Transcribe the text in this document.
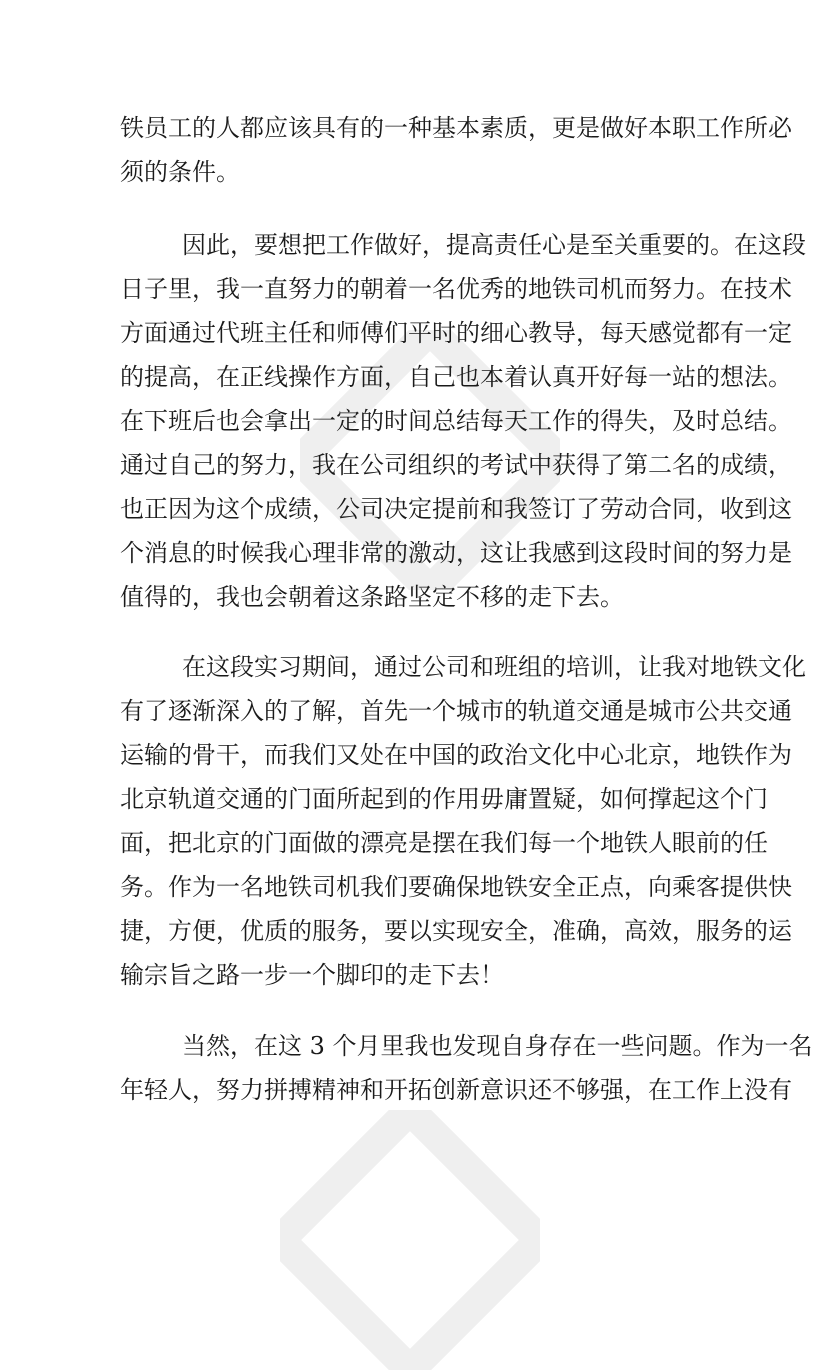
铁员工的人都应该具有的一种基本素质，更是做好本职工作所必
须的条件。
因此，要想把工作做好，提高责任心是至关重要的。在这段
日子里，我一直努力的朝着一名优秀的地铁司机而努力。在技术
方面通过代班主任和师傅们平时的细心教导，每天感觉都有一定
的提高，在正线操作方面，自己也本着认真开好每一站的想法。
在下班后也会拿出一定的时间总结每天工作的得失，及时总结。
通过自己的努力，我在公司组织的考试中获得了第二名的成绩，
也正因为这个成绩，公司决定提前和我签订了劳动合同，收到这
个消息的时候我心理非常的激动，这让我感到这段时间的努力是
值得的，我也会朝着这条路坚定不移的走下去。
在这段实习期间，通过公司和班组的培训，让我对地铁文化
有了逐渐深入的了解，首先一个城市的轨道交通是城市公共交通
运输的骨干，而我们又处在中国的政治文化中心北京，地铁作为
北京轨道交通的门面所起到的作用毋庸置疑，如何撑起这个门
面，把北京的门面做的漂亮是摆在我们每一个地铁人眼前的任
务。作为一名地铁司机我们要确保地铁安全正点，向乘客提供快
捷，方便，优质的服务，要以实现安全，准确，高效，服务的运
输宗旨之路一步一个脚印的走下去！
当然，在这 3 个月里我也发现自身存在一些问题。作为一名
年轻人，努力拼搏精神和开拓创新意识还不够强，在工作上没有
